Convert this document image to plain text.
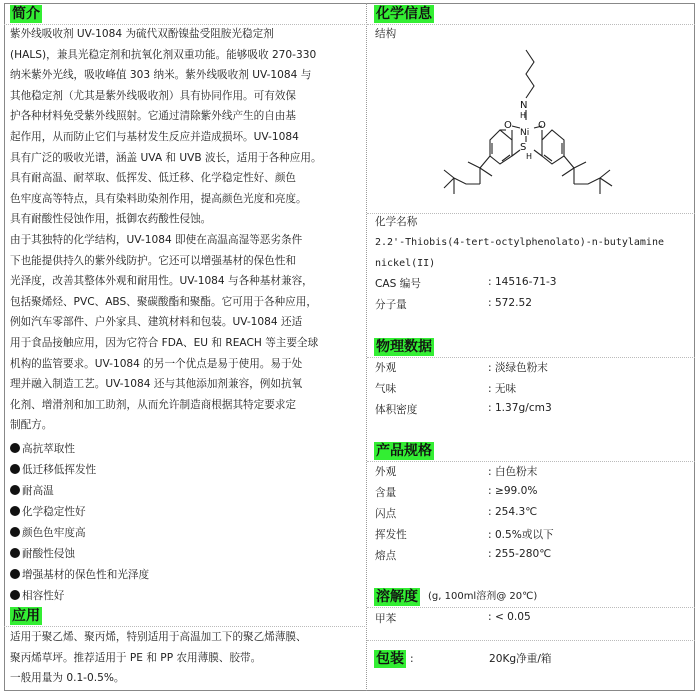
简介
紫外线吸收剂 UV-1084 为硫代双酚镍盐受阻胺光稳定剂
(HALS)，兼具光稳定剂和抗氧化剂双重功能。能够吸收 270-330
纳米紫外光线，吸收峰值 303 纳米。紫外线吸收剂 UV-1084 与
其他稳定剂（尤其是紫外线吸收剂）具有协同作用。可有效保
护各种材料免受紫外线照射。它通过清除紫外线产生的自由基
起作用，从而防止它们与基材发生反应并造成损坏。UV-1084
具有广泛的吸收光谱，涵盖 UVA 和 UVB 波长，适用于各种应用。
具有耐高温、耐萃取、低挥发、低迁移、化学稳定性好、颜色
色牢度高等特点，具有染料助染剂作用，提高颜色光度和亮度。
具有耐酸性侵蚀作用，抵御农药酸性侵蚀。
由于其独特的化学结构，UV-1084 即使在高温高湿等恶劣条件
下也能提供持久的紫外线防护。它还可以增强基材的保色性和
光泽度，改善其整体外观和耐用性。UV-1084 与各种基材兼容，
包括聚烯烃、PVC、ABS、聚碳酸酯和聚酯。它可用于各种应用，
例如汽车零部件、户外家具、建筑材料和包装。UV-1084 还适
用于食品接触应用，因为它符合 FDA、EU 和 REACH 等主要全球
机构的监管要求。UV-1084 的另一个优点是易于使用。易于处
理并融入制造工艺。UV-1084 还与其他添加剂兼容，例如抗氧
化剂、增滑剂和加工助剂，从而允许制造商根据其特定要求定
制配方。
高抗萃取性
低迁移低挥发性
耐高温
化学稳定性好
颜色色牢度高
耐酸性侵蚀
增强基材的保色性和光泽度
相容性好
应用
适用于聚乙烯、聚丙烯，特别适用于高温加工下的聚乙烯薄膜、
聚丙烯草坪。推荐适用于 PE 和 PP 农用薄膜、胶带。
一般用量为 0.1-0.5%。
化学信息
结构
N
H
O
Ni
O
S
H
化学名称
2.2'-Thiobis(4-tert-octylphenolato)-n-butylamine
nickel(II)
CAS 编号	: 14516-71-3
分子量	: 572.52
物理数据
外观	: 淡绿色粉末
气味	: 无味
体积密度	: 1.37g/cm3
产品规格
外观	: 白色粉末
含量	: ≥99.0%
闪点	: 254.3℃
挥发性	: 0.5%或以下
熔点	: 255-280℃
溶解度 (g, 100ml溶剂@ 20℃)
甲苯	: < 0.05
包装 :	20Kg净重/箱
